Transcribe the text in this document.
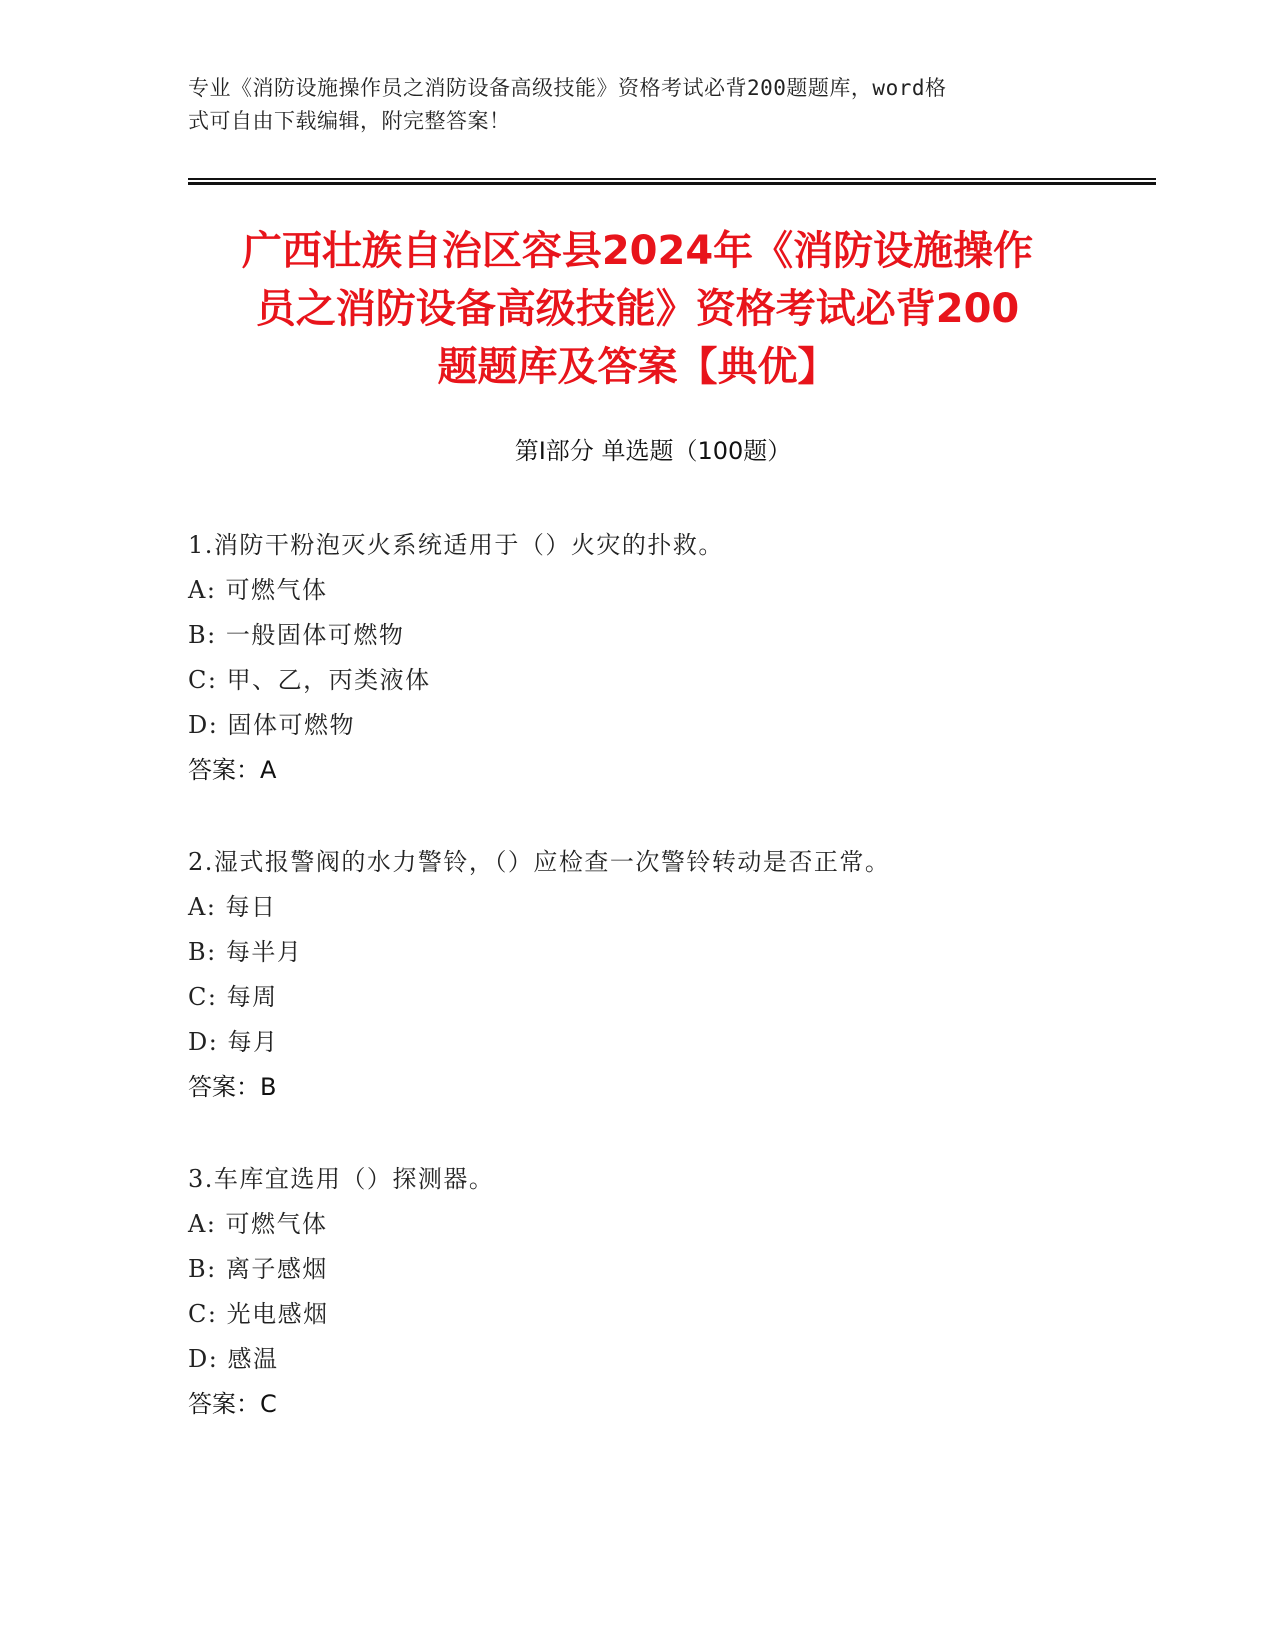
专业《消防设施操作员之消防设备高级技能》资格考试必背200题题库，word格
式可自由下载编辑，附完整答案！
广西壮族自治区容县2024年《消防设施操作
员之消防设备高级技能》资格考试必背200
题题库及答案【典优】
第Ⅰ部分 单选题（100题）
1.消防干粉泡灭火系统适用于（）火灾的扑救。
A: 可燃气体
B: 一般固体可燃物
C: 甲、乙，丙类液体
D: 固体可燃物
答案：A
2.湿式报警阀的水力警铃，（）应检查一次警铃转动是否正常。
A: 每日
B: 每半月
C: 每周
D: 每月
答案：B
3.车库宜选用（）探测器。
A: 可燃气体
B: 离子感烟
C: 光电感烟
D: 感温
答案：C
